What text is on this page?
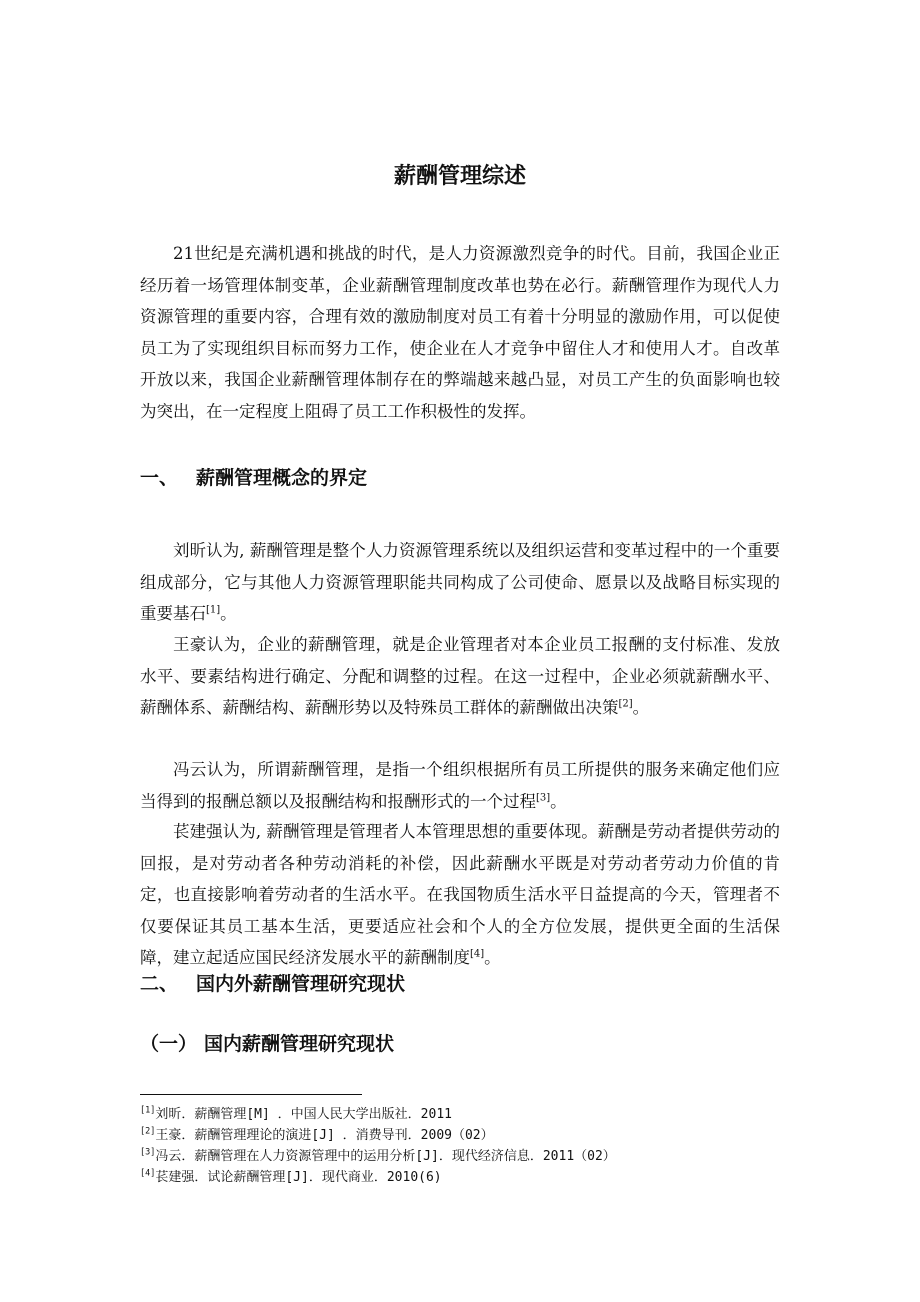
薪酬管理综述

21世纪是充满机遇和挑战的时代，是人力资源激烈竞争的时代。目前，我国企业正经历着一场管理体制变革，企业薪酬管理制度改革也势在必行。薪酬管理作为现代人力资源管理的重要内容，合理有效的激励制度对员工有着十分明显的激励作用，可以促使员工为了实现组织目标而努力工作，使企业在人才竞争中留住人才和使用人才。自改革开放以来，我国企业薪酬管理体制存在的弊端越来越凸显，对员工产生的负面影响也较为突出，在一定程度上阻碍了员工工作积极性的发挥。

一、 薪酬管理概念的界定

刘昕认为, 薪酬管理是整个人力资源管理系统以及组织运营和变革过程中的一个重要组成部分，它与其他人力资源管理职能共同构成了公司使命、愿景以及战略目标实现的重要基石[1]。

王豪认为，企业的薪酬管理，就是企业管理者对本企业员工报酬的支付标准、发放水平、要素结构进行确定、分配和调整的过程。在这一过程中，企业必须就薪酬水平、薪酬体系、薪酬结构、薪酬形势以及特殊员工群体的薪酬做出决策[2]。

冯云认为，所谓薪酬管理，是指一个组织根据所有员工所提供的服务来确定他们应当得到的报酬总额以及报酬结构和报酬形式的一个过程[3]。

苌建强认为, 薪酬管理是管理者人本管理思想的重要体现。薪酬是劳动者提供劳动的回报，是对劳动者各种劳动消耗的补偿，因此薪酬水平既是对劳动者劳动力价值的肯定，也直接影响着劳动者的生活水平。在我国物质生活水平日益提高的今天，管理者不仅要保证其员工基本生活，更要适应社会和个人的全方位发展，提供更全面的生活保障，建立起适应国民经济发展水平的薪酬制度[4]。

二、 国内外薪酬管理研究现状
（一） 国内薪酬管理研究现状
[1]刘昕．薪酬管理[M] ．中国人民大学出版社．2011
[2]王豪．薪酬管理理论的演进[J] ．消费导刊．2009（02）
[3]冯云．薪酬管理在人力资源管理中的运用分析[J]．现代经济信息．2011（02）
[4]苌建强．试论薪酬管理[J]．现代商业．2010(6)
